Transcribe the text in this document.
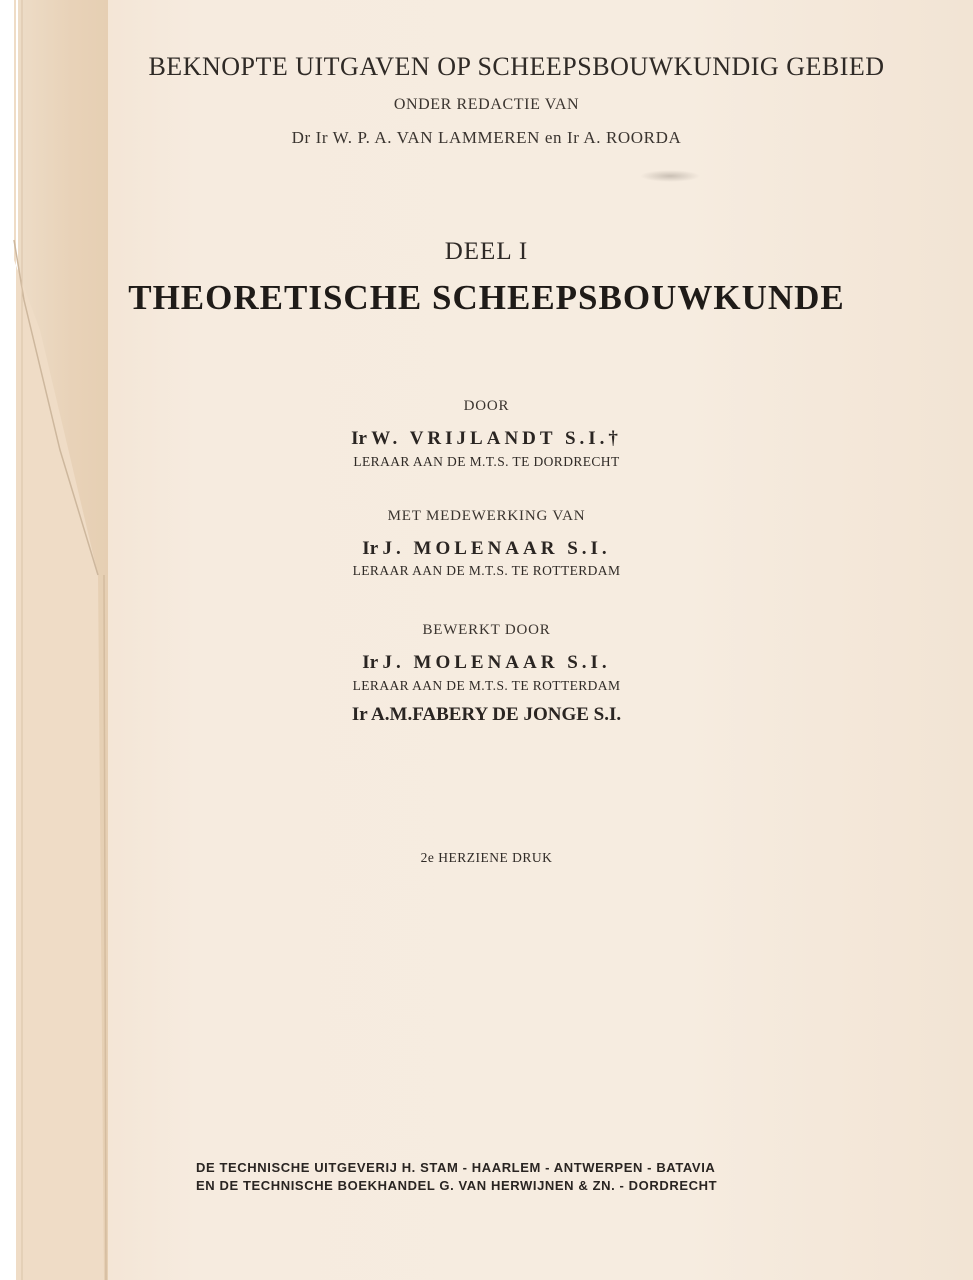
BEKNOPTE UITGAVEN OP SCHEEPSBOUWKUNDIG GEBIED
ONDER REDACTIE VAN
Dr Ir W. P. A. VAN LAMMEREN en Ir A. ROORDA
DEEL I
THEORETISCHE SCHEEPSBOUWKUNDE
DOOR
Ir W. VRIJLANDT S.I.†
LERAAR AAN DE M.T.S. TE DORDRECHT
MET MEDEWERKING VAN
Ir J. MOLENAAR S.I.
LERAAR AAN DE M.T.S. TE ROTTERDAM
BEWERKT DOOR
Ir J. MOLENAAR S.I.
LERAAR AAN DE M.T.S. TE ROTTERDAM
Ir A.M.FABERY DE JONGE S.I.
2e HERZIENE DRUK
DE TECHNISCHE UITGEVERIJ H. STAM - HAARLEM - ANTWERPEN - BATAVIA
EN DE TECHNISCHE BOEKHANDEL G. VAN HERWIJNEN & ZN. - DORDRECHT
